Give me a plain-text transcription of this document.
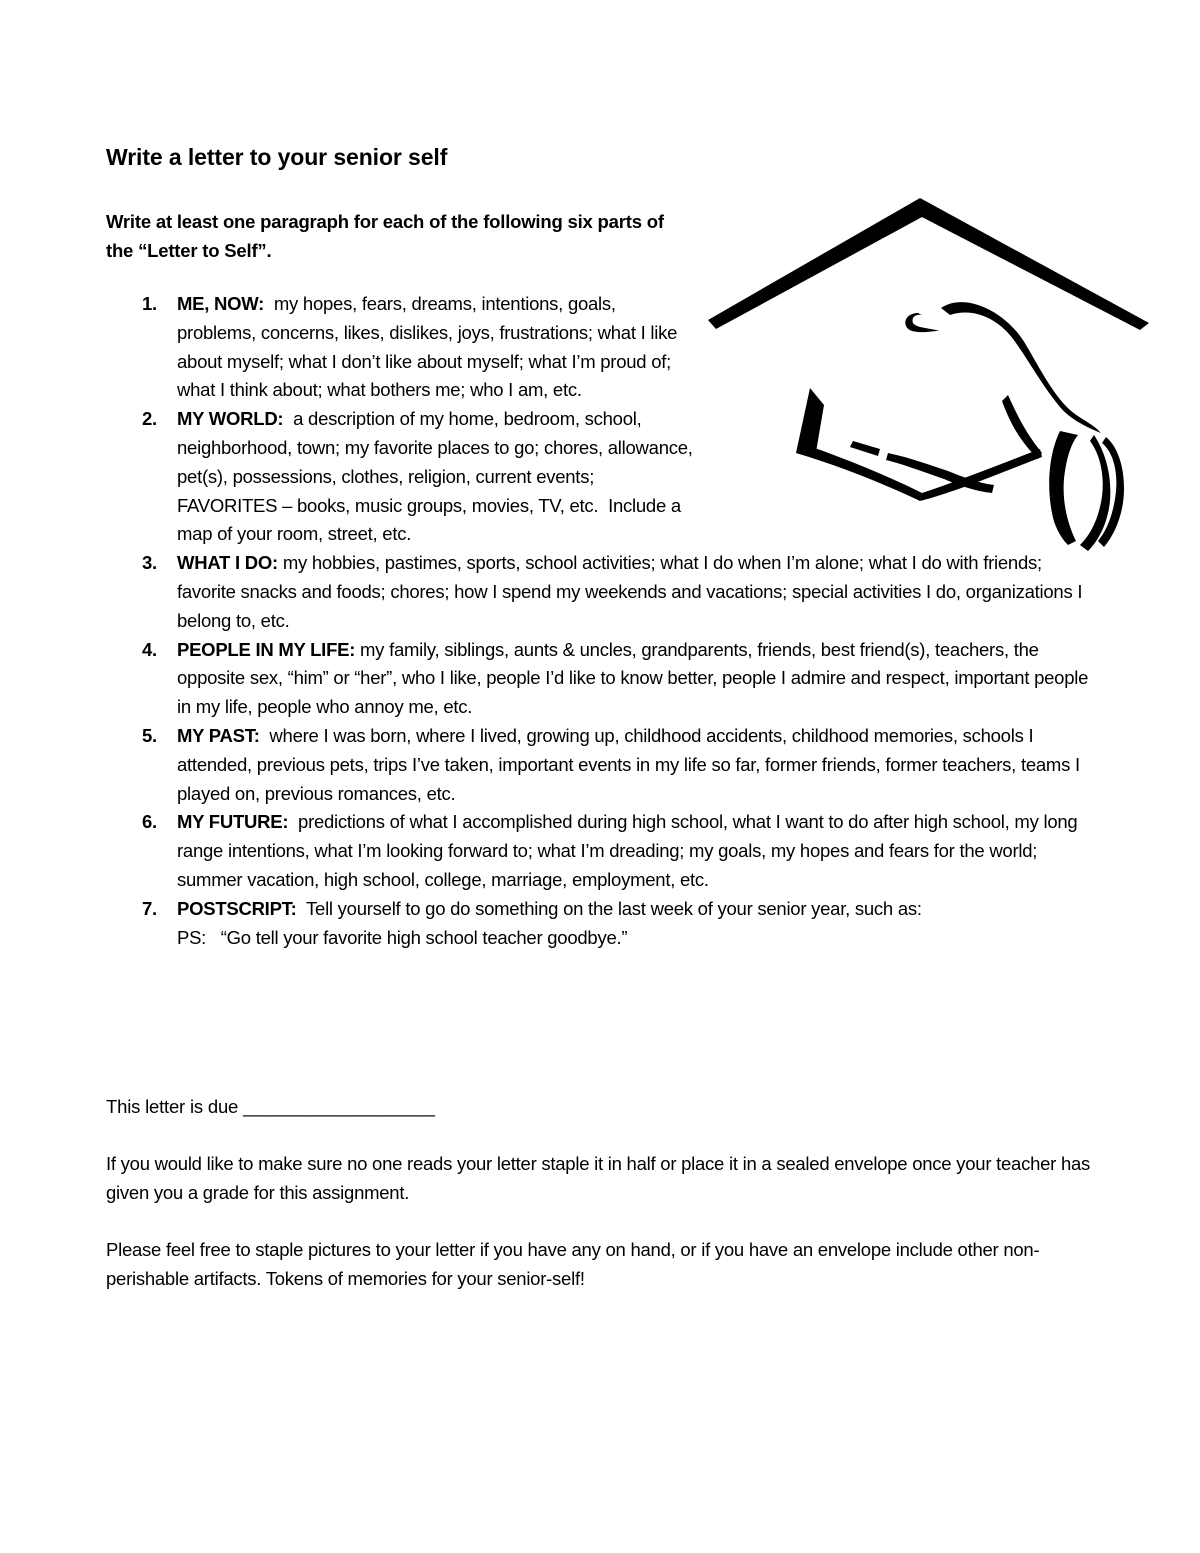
Write a letter to your senior self

Write at least one paragraph for each of the following six parts of the “Letter to Self”.

1. ME, NOW:  my hopes, fears, dreams, intentions, goals, problems, concerns, likes, dislikes, joys, frustrations; what I like about myself; what I don’t like about myself; what I’m proud of; what I think about; what bothers me; who I am, etc.
2. MY WORLD:  a description of my home, bedroom, school, neighborhood, town; my favorite places to go; chores, allowance, pet(s), possessions, clothes, religion, current events; FAVORITES – books, music groups, movies, TV, etc.  Include a map of your room, street, etc.
3. WHAT I DO: my hobbies, pastimes, sports, school activities; what I do when I’m alone; what I do with friends; favorite snacks and foods; chores; how I spend my weekends and vacations; special activities I do, organizations I belong to, etc.
4. PEOPLE IN MY LIFE: my family, siblings, aunts & uncles, grandparents, friends, best friend(s), teachers, the opposite sex, “him” or “her”, who I like, people I’d like to know better, people I admire and respect, important people in my life, people who annoy me, etc.
5. MY PAST:  where I was born, where I lived, growing up, childhood accidents, childhood memories, schools I attended, previous pets, trips I’ve taken, important events in my life so far, former friends, former teachers, teams I played on, previous romances, etc.
6. MY FUTURE:  predictions of what I accomplished during high school, what I want to do after high school, my long range intentions, what I’m looking forward to; what I’m dreading; my goals, my hopes and fears for the world; summer vacation, high school, college, marriage, employment, etc.
7. POSTSCRIPT:  Tell yourself to go do something on the last week of your senior year, such as:
PS:   “Go tell your favorite high school teacher goodbye.”

This letter is due ___________________

If you would like to make sure no one reads your letter staple it in half or place it in a sealed envelope once your teacher has given you a grade for this assignment.

Please feel free to staple pictures to your letter if you have any on hand, or if you have an envelope include other non-perishable artifacts. Tokens of memories for your senior-self!
